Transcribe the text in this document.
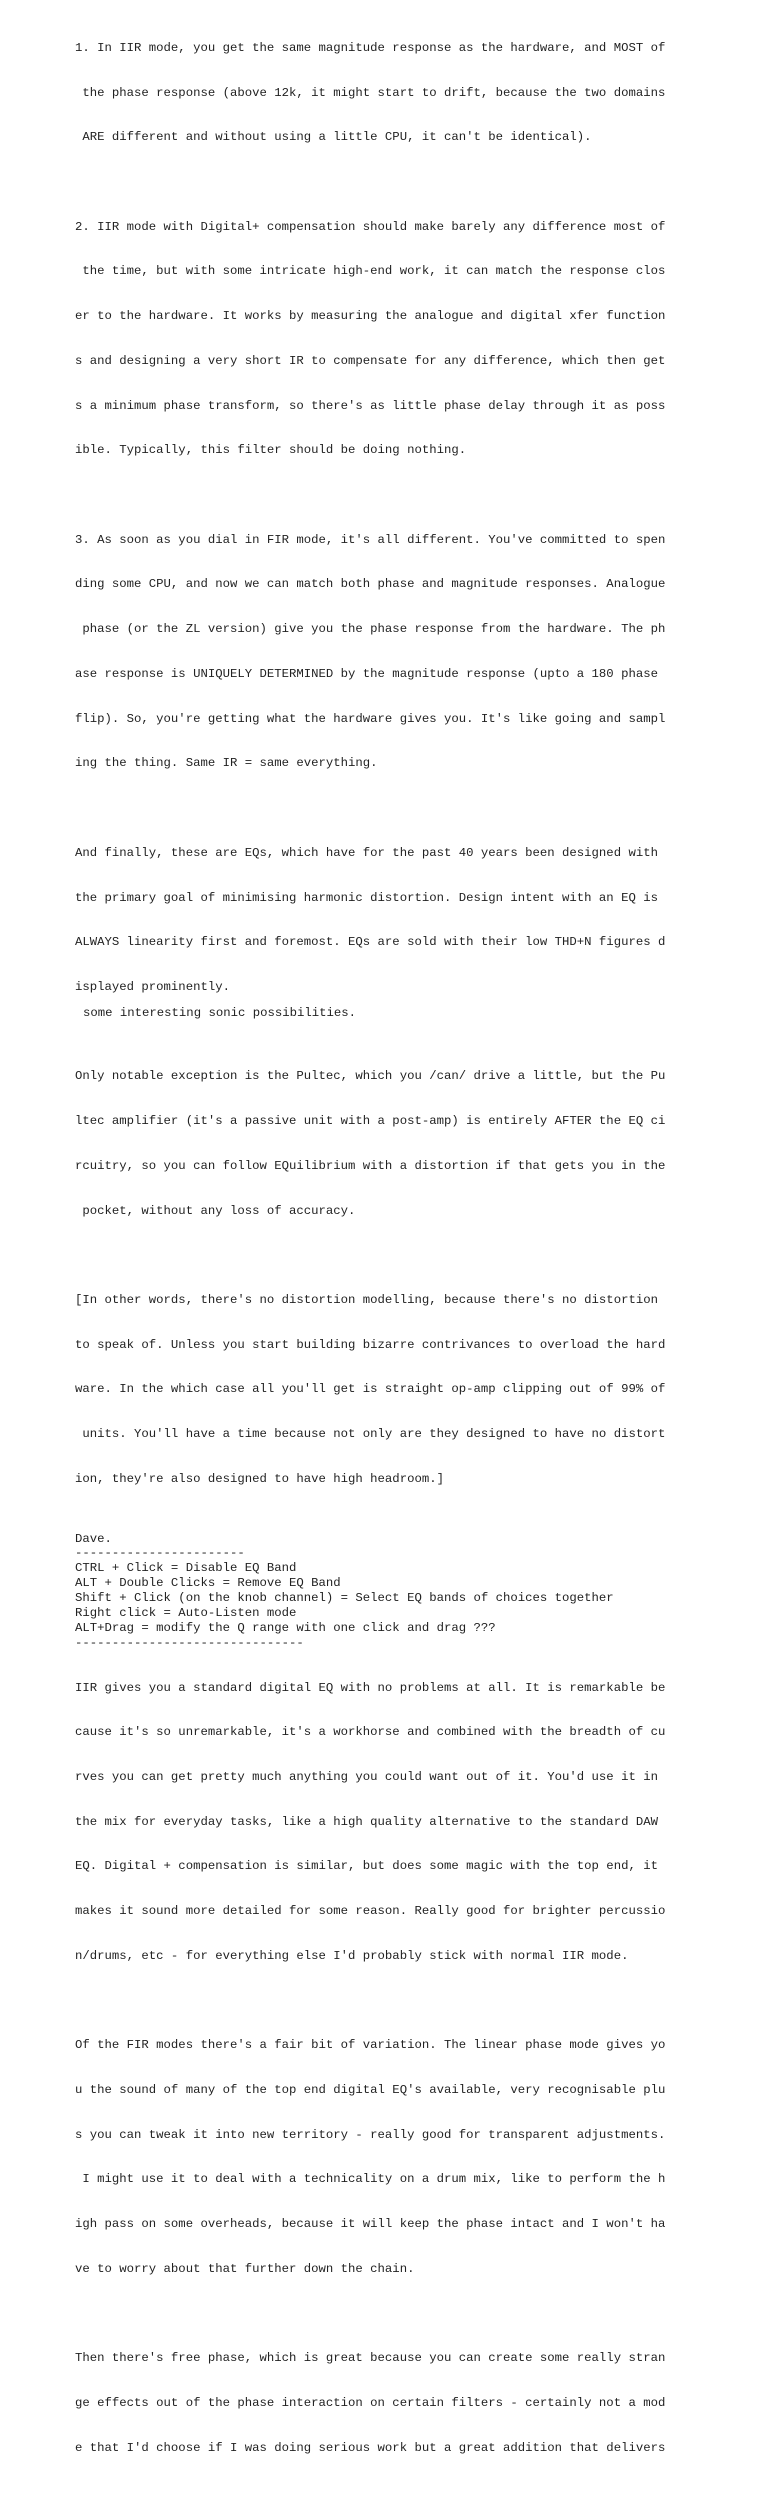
1. In IIR mode, you get the same magnitude response as the hardware, and MOST of

the phase response (above 12k, it might start to drift, because the two domains

ARE different and without using a little CPU, it can't be identical).

2. IIR mode with Digital+ compensation should make barely any difference most of

the time, but with some intricate high-end work, it can match the response clos

er to the hardware. It works by measuring the analogue and digital xfer function

s and designing a very short IR to compensate for any difference, which then get

s a minimum phase transform, so there's as little phase delay through it as poss

ible. Typically, this filter should be doing nothing.

3. As soon as you dial in FIR mode, it's all different. You've committed to spen

ding some CPU, and now we can match both phase and magnitude responses. Analogue

phase (or the ZL version) give you the phase response from the hardware. The ph

ase response is UNIQUELY DETERMINED by the magnitude response (upto a 180 phase

flip). So, you're getting what the hardware gives you. It's like going and sampl

ing the thing. Same IR = same everything.

And finally, these are EQs, which have for the past 40 years been designed with

the primary goal of minimising harmonic distortion. Design intent with an EQ is

ALWAYS linearity first and foremost. EQs are sold with their low THD+N figures d

isplayed prominently.

Only notable exception is the Pultec, which you /can/ drive a little, but the Pu

ltec amplifier (it's a passive unit with a post-amp) is entirely AFTER the EQ ci

rcuitry, so you can follow EQuilibrium with a distortion if that gets you in the

pocket, without any loss of accuracy.

[In other words, there's no distortion modelling, because there's no distortion

to speak of. Unless you start building bizarre contrivances to overload the hard

ware. In the which case all you'll get is straight op-amp clipping out of 99% of

units. You'll have a time because not only are they designed to have no distort

ion, they're also designed to have high headroom.]

Dave.
-----------------------
CTRL + Click = Disable EQ Band
ALT + Double Clicks = Remove EQ Band
Shift + Click (on the knob channel) = Select EQ bands of choices together
Right click = Auto-Listen mode
ALT+Drag = modify the Q range with one click and drag ???
-------------------------------

IIR gives you a standard digital EQ with no problems at all. It is remarkable be

cause it's so unremarkable, it's a workhorse and combined with the breadth of cu

rves you can get pretty much anything you could want out of it. You'd use it in

the mix for everyday tasks, like a high quality alternative to the standard DAW

EQ. Digital + compensation is similar, but does some magic with the top end, it

makes it sound more detailed for some reason. Really good for brighter percussio

n/drums, etc - for everything else I'd probably stick with normal IIR mode.

Of the FIR modes there's a fair bit of variation. The linear phase mode gives yo

u the sound of many of the top end digital EQ's available, very recognisable plu

s you can tweak it into new territory - really good for transparent adjustments.

I might use it to deal with a technicality on a drum mix, like to perform the h

igh pass on some overheads, because it will keep the phase intact and I won't ha

ve to worry about that further down the chain.

Then there's free phase, which is great because you can create some really stran

ge effects out of the phase interaction on certain filters - certainly not a mod

e that I'd choose if I was doing serious work but a great addition that delivers

some interesting sonic possibilities.
